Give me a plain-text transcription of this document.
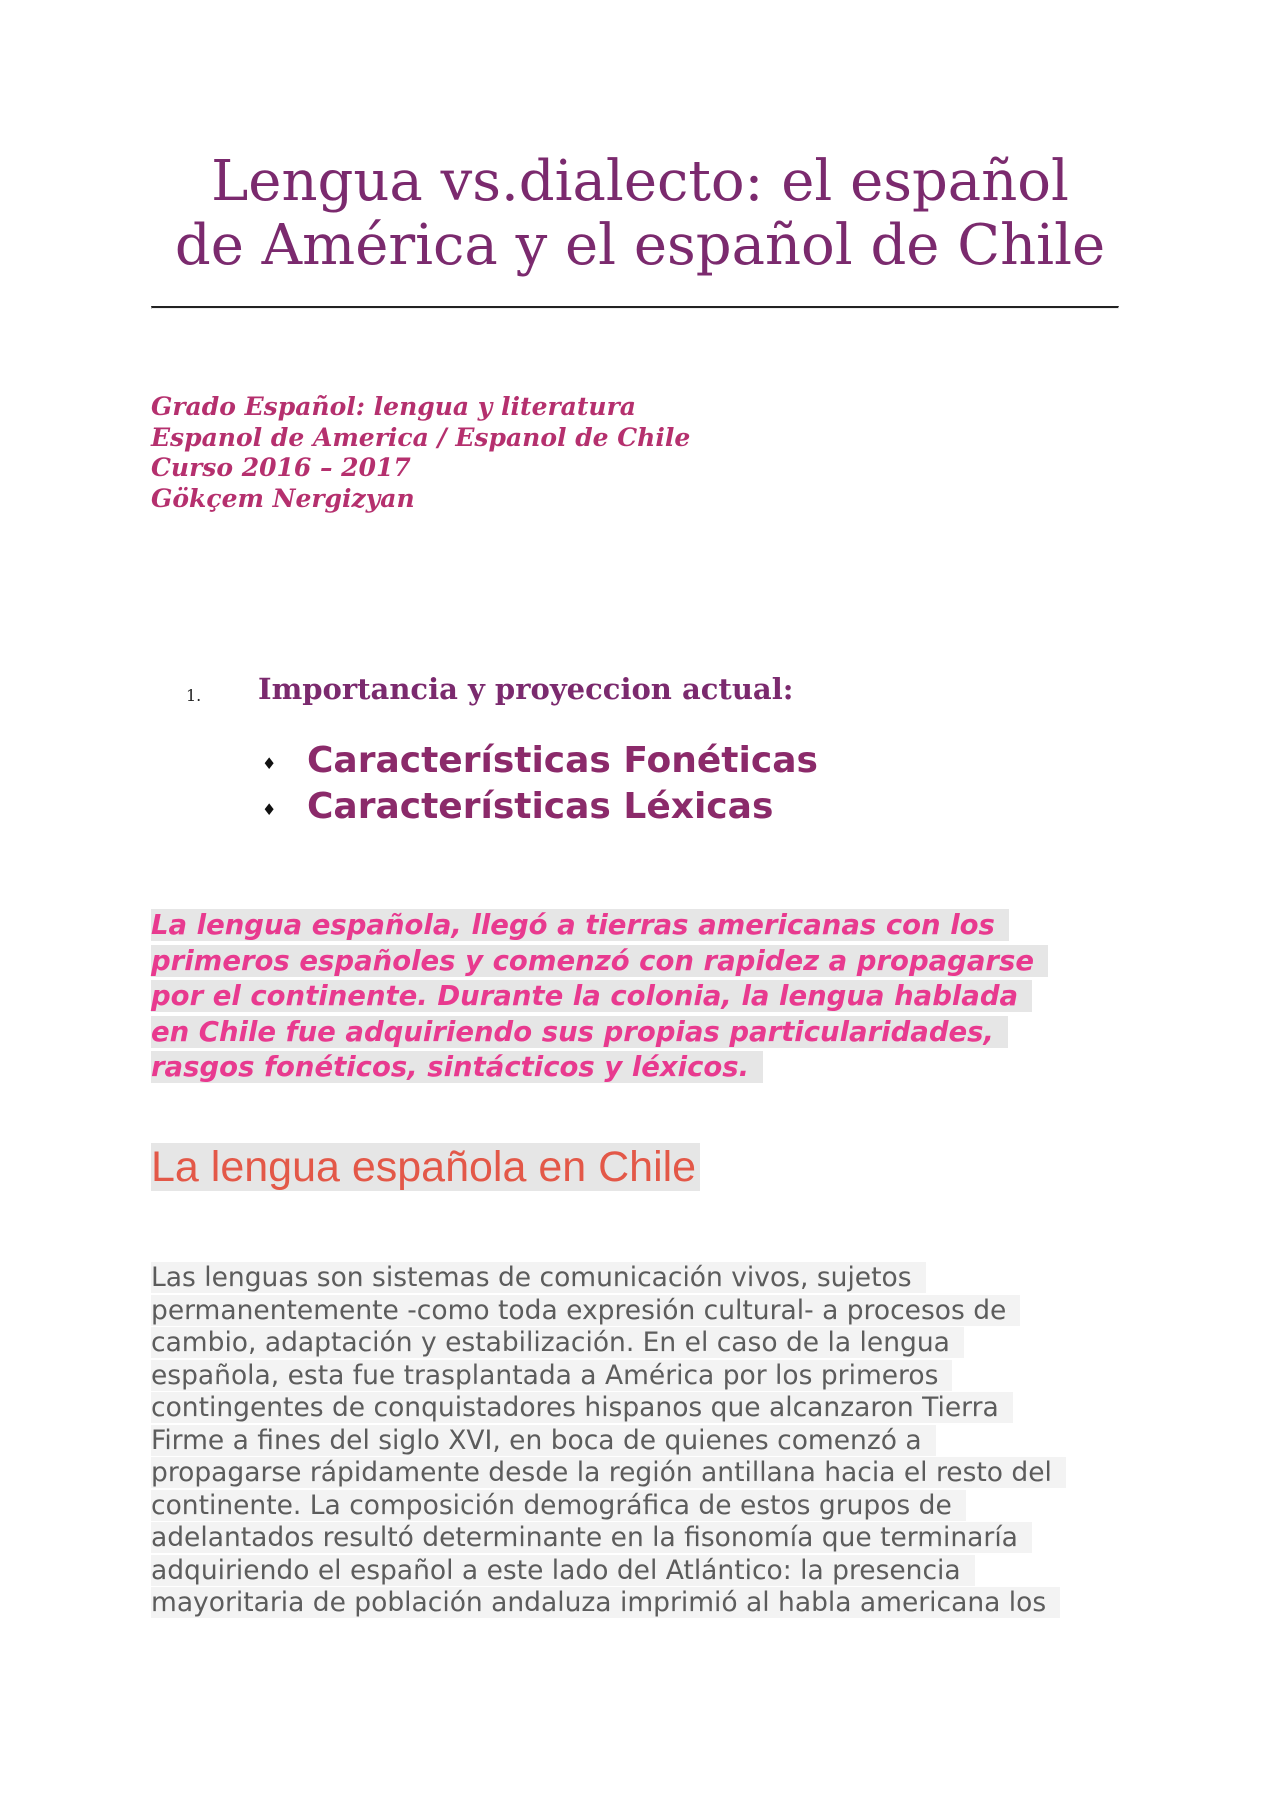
Lengua vs.dialecto: el español
de América y el español de Chile
Grado Español: lengua y literatura
Espanol de America / Espanol de Chile
Curso 2016 – 2017
Gökçem Nergizyan
1. Importancia y proyeccion actual:
♦ Características Fonéticas
♦ Características Léxicas

La lengua española, llegó a tierras americanas con los
primeros españoles y comenzó con rapidez a propagarse
por el continente. Durante la colonia, la lengua hablada
en Chile fue adquiriendo sus propias particularidades,
rasgos fonéticos, sintácticos y léxicos.

La lengua española en Chile

Las lenguas son sistemas de comunicación vivos, sujetos
permanentemente -como toda expresión cultural- a procesos de
cambio, adaptación y estabilización. En el caso de la lengua
española, esta fue trasplantada a América por los primeros
contingentes de conquistadores hispanos que alcanzaron Tierra
Firme a fines del siglo XVI, en boca de quienes comenzó a
propagarse rápidamente desde la región antillana hacia el resto del
continente. La composición demográfica de estos grupos de
adelantados resultó determinante en la fisonomía que terminaría
adquiriendo el español a este lado del Atlántico: la presencia
mayoritaria de población andaluza imprimió al habla americana los
